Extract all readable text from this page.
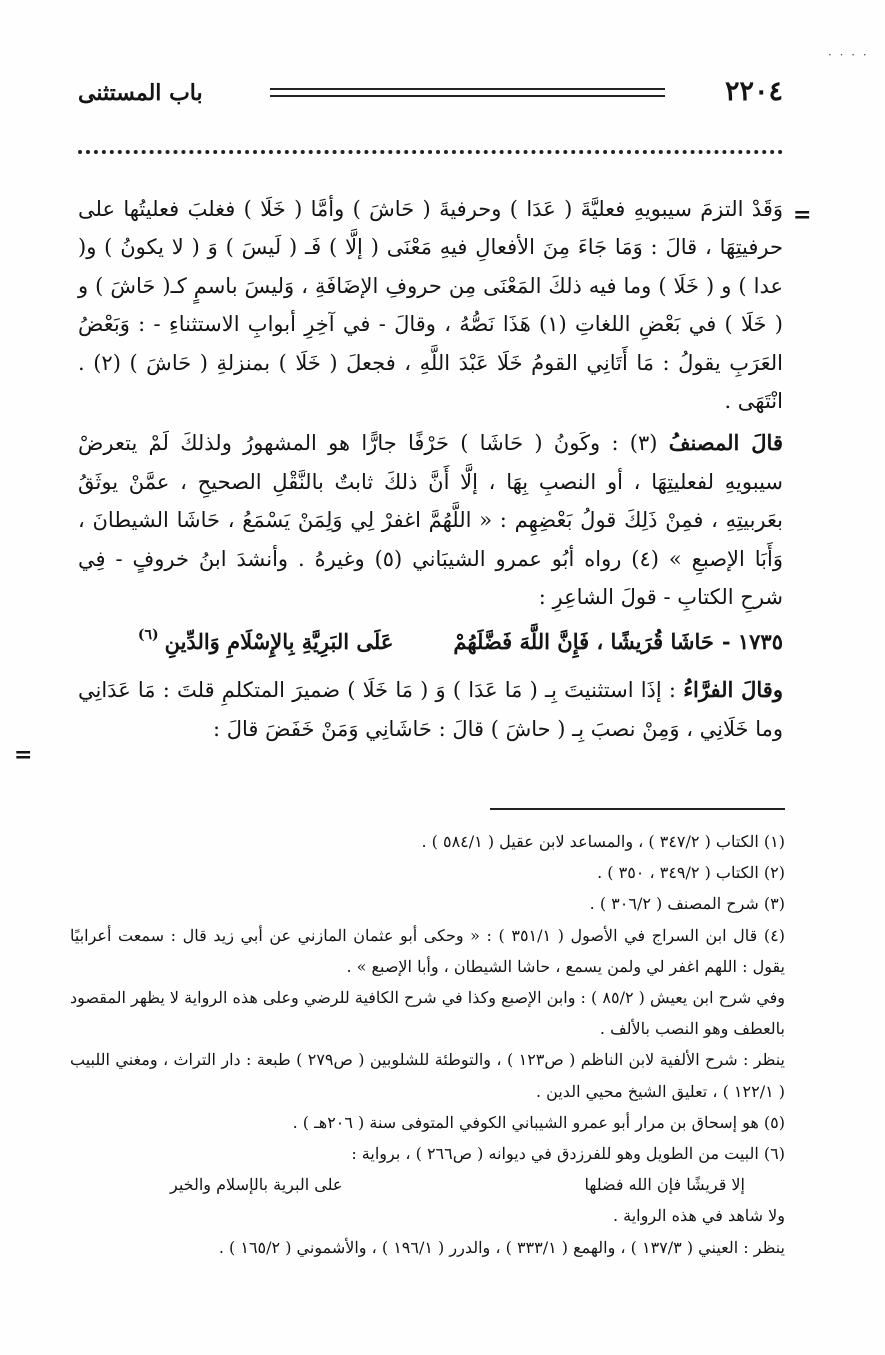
· · · ·
٢٢٠٤
باب المستثنى
=
=

وَقَدْ التزمَ سيبويهِ فعليَّةَ ( عَدَا ) وحرفيةَ ( حَاشَ ) وأمَّا ( خَلَا ) فغلبَ فعليتُها على حرفيتِهَا ، قالَ : وَمَا جَاءَ مِنَ الأفعالِ فيهِ مَعْنَى ( إلَّا ) فَـ ( لَيسَ ) وَ ( لا يكونُ ) و( عدا ) و ( خَلَا ) وما فيه ذلكَ المَعْنَى مِن حروفِ الإضَافَةِ ، وَليسَ باسمٍ كـ( حَاشَ ) و ( خَلَا ) في بَعْضِ اللغاتِ (١) هَذَا نَصُّهُ ، وقالَ - في آخِرِ أبوابِ الاستثناءِ - : وَبَعْضُ العَرَبِ يقولُ : مَا أَتَانِي القومُ خَلَا عَبْدَ اللَّهِ ، فجعلَ ( خَلَا ) بمنزلةِ ( حَاشَ ) (٢) . انْتَهَى .

قالَ المصنفُ (٣) : وكَونُ ( حَاشَا ) حَرْفًا جارًّا هو المشهورُ ولذلكَ لَمْ يتعرضْ سيبويهِ لفعليتِهَا ، أو النصبِ بِهَا ، إلَّا أَنَّ ذلكَ ثابتٌ بالنَّقْلِ الصحيحِ ، عمَّنْ يوثَقُ بعَربيتِهِ ، فمِنْ ذَلِكَ قولُ بَعْضِهِم : « اللَّهُمَّ اغفرْ لِي وَلِمَنْ يَسْمَعُ ، حَاشَا الشيطانَ ، وَأَبَا الإصبعِ » (٤) رواه أبُو عمرو الشيبَاني (٥) وغيرهُ . وأنشدَ ابنُ خروفٍ - فِي شرحِ الكتابِ - قولَ الشاعِرِ :

١٧٣٥ -
حَاشَا قُرَيشًا ، فَإِنَّ اللَّهَ فَضَّلَهُمْ
عَلَى البَرِيَّةِ بِالإِسْلَامِ وَالدِّينِ
(٦)

وقالَ الفرَّاءُ : إذَا استثنيتَ بِـ ( مَا عَدَا ) وَ ( مَا خَلَا ) ضميرَ المتكلمِ قلتَ : مَا عَدَانِي وما خَلَانِي ، وَمِنْ نصبَ بِـ ( حاشَ ) قالَ : حَاشَانِي وَمَنْ خَفَضَ قالَ :

(١) الكتاب ( ٣٤٧/٢ ) ، والمساعد لابن عقيل ( ٥٨٤/١ ) .

(٢) الكتاب ( ٣٤٩/٢ ، ٣٥٠ ) .

(٣) شرح المصنف ( ٣٠٦/٢ ) .

(٤) قال ابن السراج في الأصول ( ٣٥١/١ ) : « وحكى أبو عثمان المازني عن أبي زيد قال : سمعت أعرابيًا يقول : اللهم اغفر لي ولمن يسمع ، حاشا الشيطان ، وأبا الإصبع » .

وفي شرح ابن يعيش ( ٨٥/٢ ) : وابن الإصبع وكذا في شرح الكافية للرضي وعلى هذه الرواية لا يظهر المقصود بالعطف وهو النصب بالألف .

ينظر : شرح الألفية لابن الناظم ( ص١٢٣ ) ، والتوطئة للشلوبين ( ص٢٧٩ ) طبعة : دار التراث ، ومغني اللبيب ( ١٢٢/١ ) ، تعليق الشيخ محيي الدين .

(٥) هو إسحاق بن مرار أبو عمرو الشيباني الكوفي المتوفى سنة ( ٢٠٦هـ ) .

(٦) البيت من الطويل وهو للفرزدق في ديوانه ( ص٢٦٦ ) ، برواية :

إلا قريشًا فإن الله فضلها
على البرية بالإسلام والخير

ولا شاهد في هذه الرواية .

ينظر : العيني ( ١٣٧/٣ ) ، والهمع ( ٣٣٣/١ ) ، والدرر ( ١٩٦/١ ) ، والأشموني ( ١٦٥/٢ ) .
